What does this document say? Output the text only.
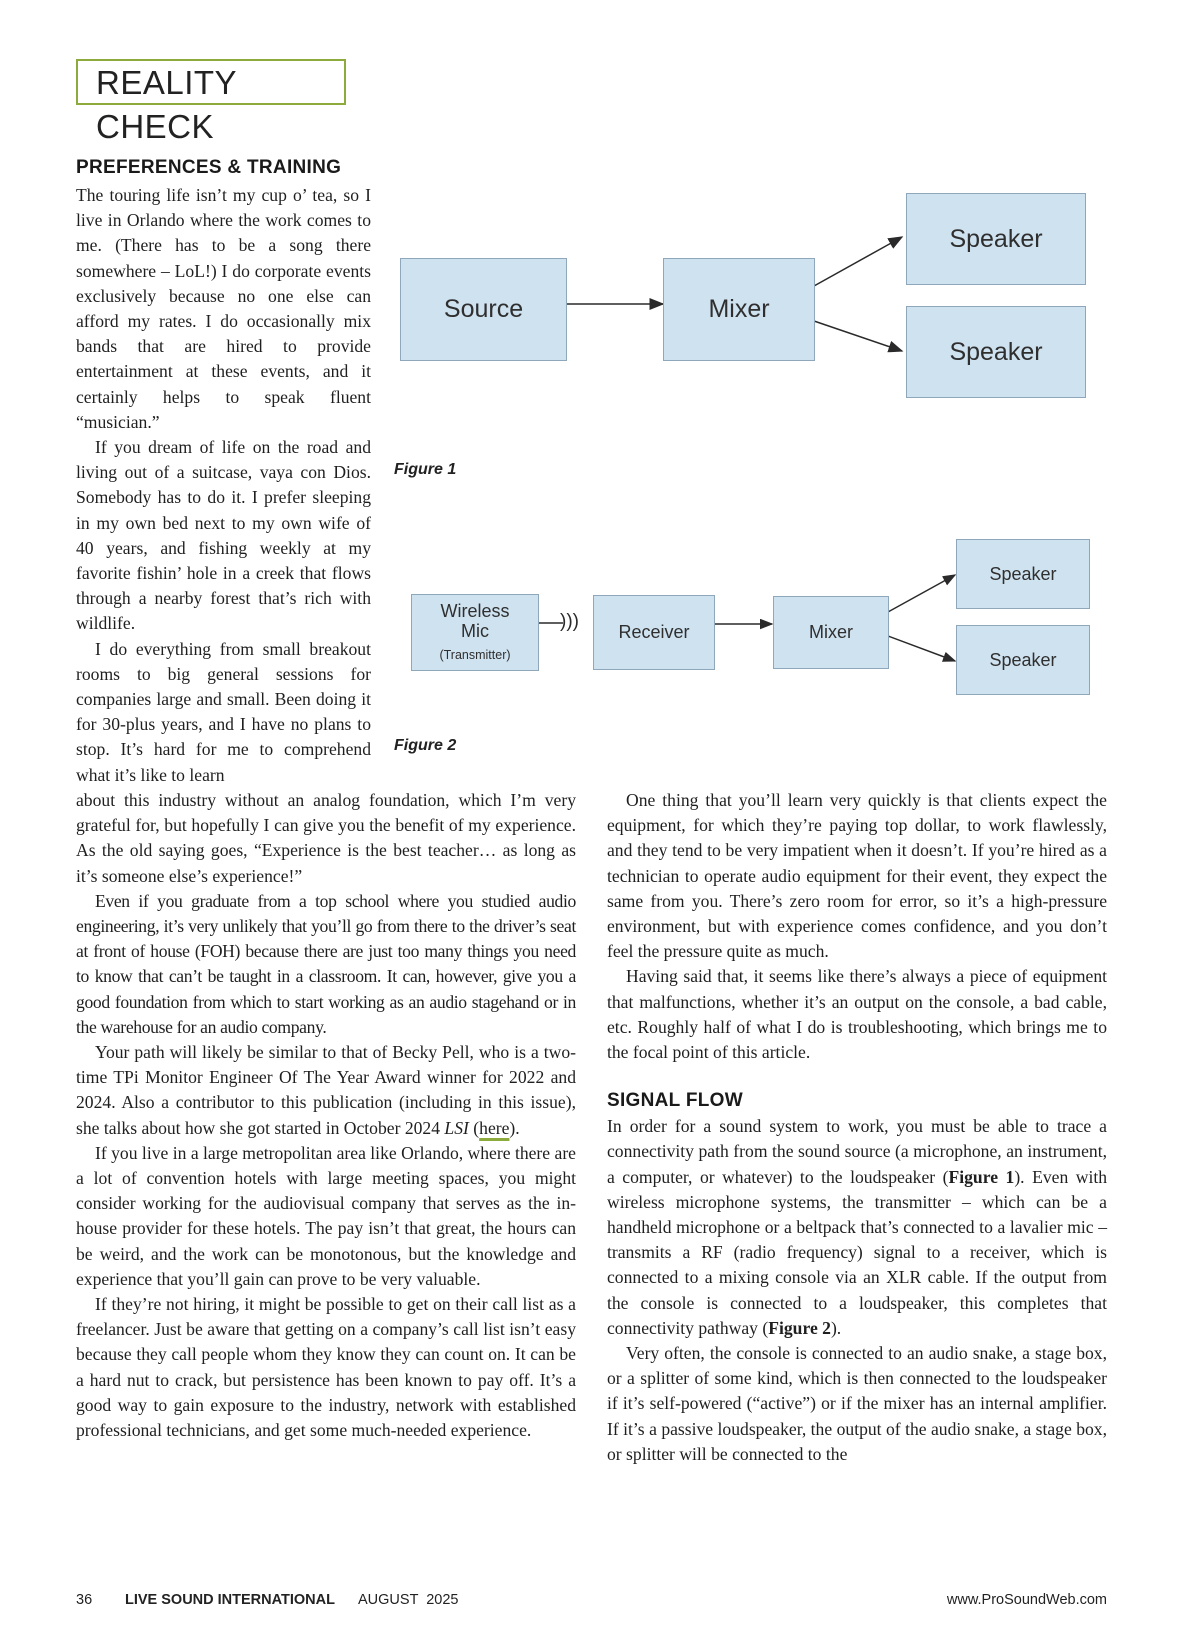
REALITY CHECK
PREFERENCES & TRAINING

The touring life isn’t my cup o’ tea, so I live in Orlando where the work comes to me. (There has to be a song there somewhere – LoL!) I do corporate events exclusively because no one else can afford my rates. I do occasionally mix bands that are hired to provide entertainment at these events, and it certainly helps to speak fluent “musician.”

If you dream of life on the road and living out of a suitcase, vaya con Dios. Somebody has to do it. I prefer sleeping in my own bed next to my own wife of 40 years, and fishing weekly at my favorite fishin’ hole in a creek that flows through a nearby forest that’s rich with wildlife.

I do everything from small breakout rooms to big general sessions for companies large and small. Been doing it for 30-plus years, and I have no plans to stop. It’s hard for me to comprehend what it’s like to learn

Source	Mixer
Speaker
Speaker
Figure 1
Wireless
Mic
(Transmitter)
))) Receiver	Mixer
Speaker
Speaker
Figure 2

about this industry without an analog foundation, which I’m very grateful for, but hopefully I can give you the benefit of my experience. As the old saying goes, “Experience is the best teacher… as long as it’s someone else’s experience!”

Even if you graduate from a top school where you studied audio engineering, it’s very unlikely that you’ll go from there to the driver’s seat at front of house (FOH) because there are just too many things you need to know that can’t be taught in a classroom. It can, however, give you a good foundation from which to start working as an audio stagehand or in the warehouse for an audio company.

Your path will likely be similar to that of Becky Pell, who is a two-time TPi Monitor Engineer Of The Year Award winner for 2022 and 2024. Also a contributor to this publication (including in this issue), she talks about how she got started in October 2024 LSI (here).

If you live in a large metropolitan area like Orlando, where there are a lot of convention hotels with large meeting spaces, you might consider working for the audiovisual company that serves as the in-house provider for these hotels. The pay isn’t that great, the hours can be weird, and the work can be monotonous, but the knowledge and experience that you’ll gain can prove to be very valuable.

If they’re not hiring, it might be possible to get on their call list as a freelancer. Just be aware that getting on a company’s call list isn’t easy because they call people whom they know they can count on. It can be a hard nut to crack, but persistence has been known to pay off. It’s a good way to gain exposure to the industry, network with established professional technicians, and get some much-needed experience.

One thing that you’ll learn very quickly is that clients expect the equipment, for which they’re paying top dollar, to work flawlessly, and they tend to be very impatient when it doesn’t. If you’re hired as a technician to operate audio equipment for their event, they expect the same from you. There’s zero room for error, so it’s a high-pressure environment, but with experience comes confidence, and you don’t feel the pressure quite as much.

Having said that, it seems like there’s always a piece of equipment that malfunctions, whether it’s an output on the console, a bad cable, etc. Roughly half of what I do is troubleshooting, which brings me to the focal point of this article.

SIGNAL FLOW

In order for a sound system to work, you must be able to trace a connectivity path from the sound source (a microphone, an instrument, a computer, or whatever) to the loudspeaker (Figure 1). Even with wireless microphone systems, the transmitter – which can be a handheld microphone or a beltpack that’s connected to a lavalier mic – transmits a RF (radio frequency) signal to a receiver, which is connected to a mixing console via an XLR cable. If the output from the console is connected to a loudspeaker, this completes that connectivity pathway (Figure 2).

Very often, the console is connected to an audio snake, a stage box, or a splitter of some kind, which is then connected to the loudspeaker if it’s self-powered (“active”) or if the mixer has an internal amplifier. If it’s a passive loudspeaker, the output of the audio snake, a stage box, or splitter will be connected to the

36 LIVE SOUND INTERNATIONAL AUGUST  2025	www.ProSoundWeb.com
